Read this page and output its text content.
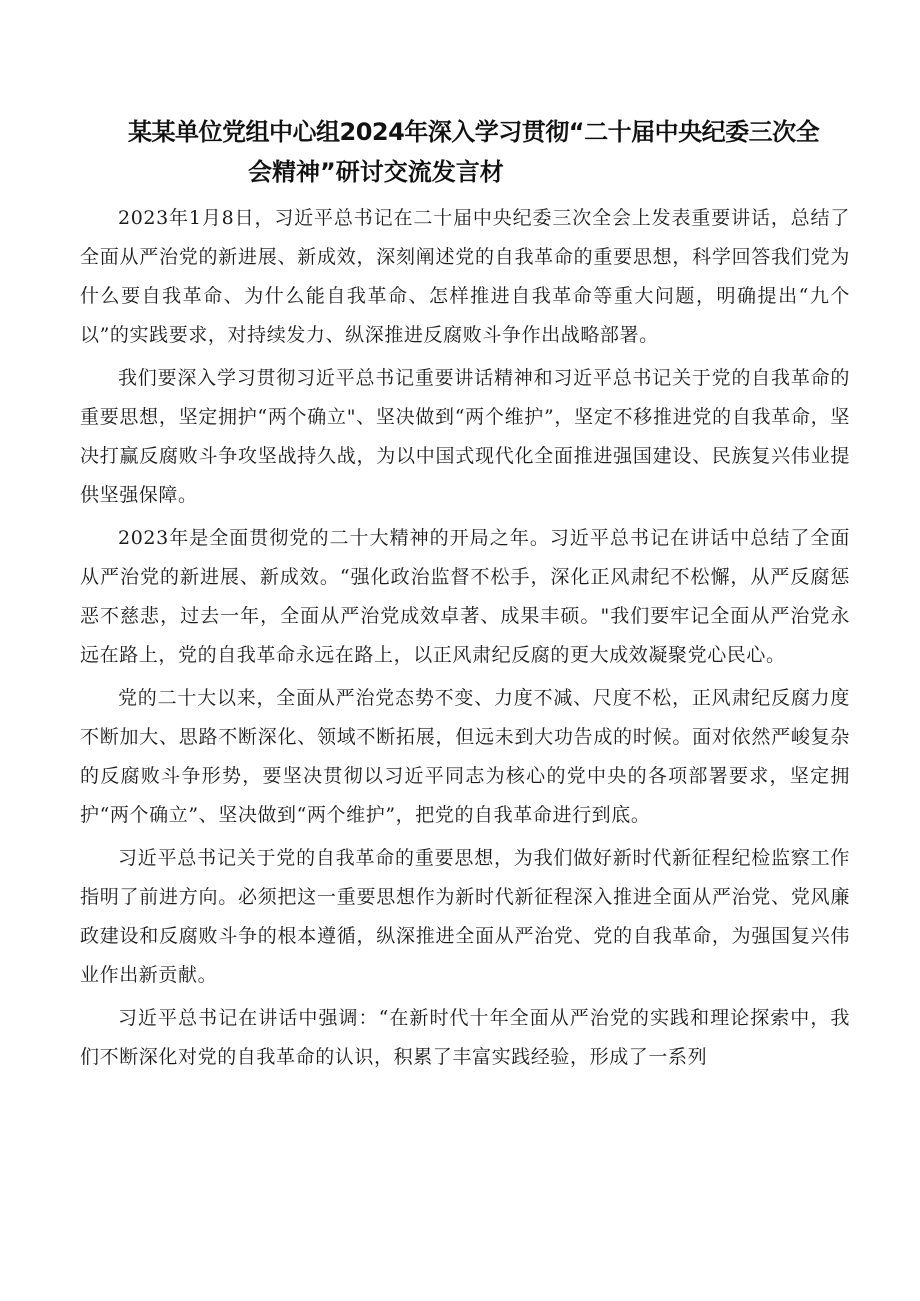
某某单位党组中心组2024年深入学习贯彻“二十届中央纪委三次全
会精神”研讨交流发言材

2023年1月8日，习近平总书记在二十届中央纪委三次全会上发表重要讲话，总结了全面从严治党的新进展、新成效，深刻阐述党的自我革命的重要思想，科学回答我们党为什么要自我革命、为什么能自我革命、怎样推进自我革命等重大问题，明确提出“九个以”的实践要求，对持续发力、纵深推进反腐败斗争作出战略部署。

我们要深入学习贯彻习近平总书记重要讲话精神和习近平总书记关于党的自我革命的重要思想，坚定拥护“两个确立"、坚决做到“两个维护”，坚定不移推进党的自我革命，坚决打赢反腐败斗争攻坚战持久战，为以中国式现代化全面推进强国建设、民族复兴伟业提供坚强保障。

2023年是全面贯彻党的二十大精神的开局之年。习近平总书记在讲话中总结了全面从严治党的新进展、新成效。“强化政治监督不松手，深化正风肃纪不松懈，从严反腐惩恶不慈悲，过去一年，全面从严治党成效卓著、成果丰硕。"我们要牢记全面从严治党永远在路上，党的自我革命永远在路上，以正风肃纪反腐的更大成效凝聚党心民心。

党的二十大以来，全面从严治党态势不变、力度不减、尺度不松，正风肃纪反腐力度不断加大、思路不断深化、领域不断拓展，但远未到大功告成的时候。面对依然严峻复杂的反腐败斗争形势，要坚决贯彻以习近平同志为核心的党中央的各项部署要求，坚定拥护“两个确立”、坚决做到“两个维护”，把党的自我革命进行到底。

习近平总书记关于党的自我革命的重要思想，为我们做好新时代新征程纪检监察工作指明了前进方向。必须把这一重要思想作为新时代新征程深入推进全面从严治党、党风廉政建设和反腐败斗争的根本遵循，纵深推进全面从严治党、党的自我革命，为强国复兴伟业作出新贡献。

习近平总书记在讲话中强调：“在新时代十年全面从严治党的实践和理论探索中，我们不断深化对党的自我革命的认识，积累了丰富实践经验，形成了一系列
